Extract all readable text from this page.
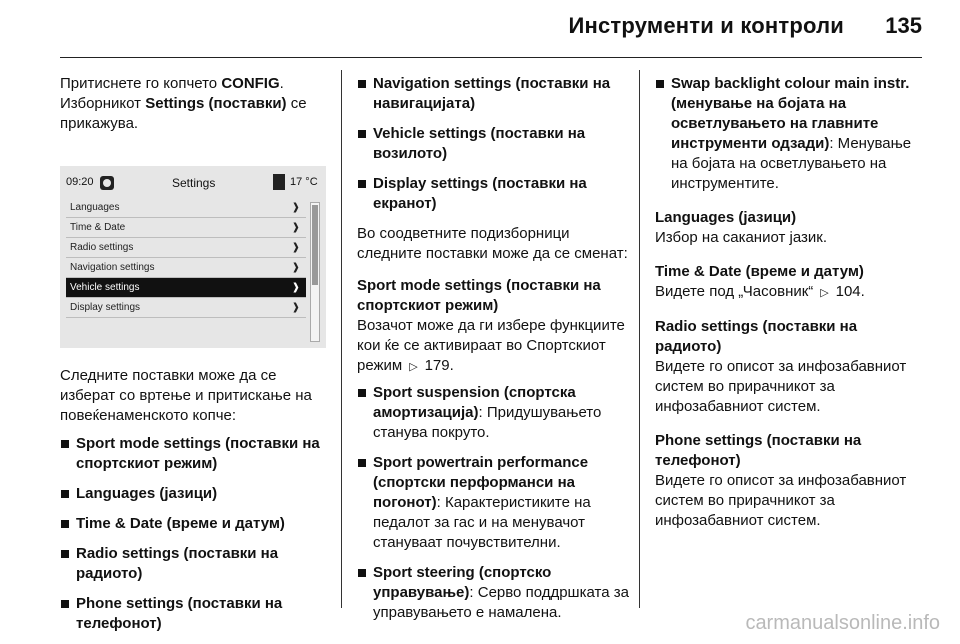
Инструменти и контроли 135

Притиснете го копчето CONFIG. Изборникот Settings (поставки) се прикажува.

09:20	Settings	17 °C
Languages	❱
Time & Date	❱
Radio settings	❱
Navigation settings	❱
Vehicle settings	❱
Display settings	❱

Следните поставки може да се изберат со вртење и притискање на повеќенаменското копче:

Sport mode settings (поставки на спортскиот режим)
Languages (јазици)
Time & Date (време и датум)
Radio settings (поставки на радиото)
Phone settings (поставки на телефонот)
Navigation settings (поставки на навигацијата)
Vehicle settings (поставки на возилото)
Display settings (поставки на екранот)

Во соодветните подизборници следните поставки може да се сменат:

Sport mode settings (поставки на спортскиот режим)

Возачот може да ги избере функциите кои ќе се активираат во Спортскиот режим ▷ 179.

Sport suspension (спортска амортизација): Придушувањето станува покруто.
Sport powertrain performance (спортски перформанси на погонот): Карактеристиките на педалот за гас и на менувачот стануваат почувствителни.
Sport steering (спортско управување): Серво поддршката за управувањето е намалена.
Swap backlight colour main instr. (менување на бојата на осветлувањето на главните инструменти одзади): Менување на бојата на осветлувањето на инструментите.

Languages (јазици)

Избор на саканиот јазик.

Time & Date (време и датум)

Видете под „Часовник“ ▷ 104.

Radio settings (поставки на радиото)

Видете го описот за инфозабавниот систем во прирачникот за инфозабавниот систем.

Phone settings (поставки на телефонот)

Видете го описот за инфозабавниот систем во прирачникот за инфозабавниот систем.

carmanualsonline.info
